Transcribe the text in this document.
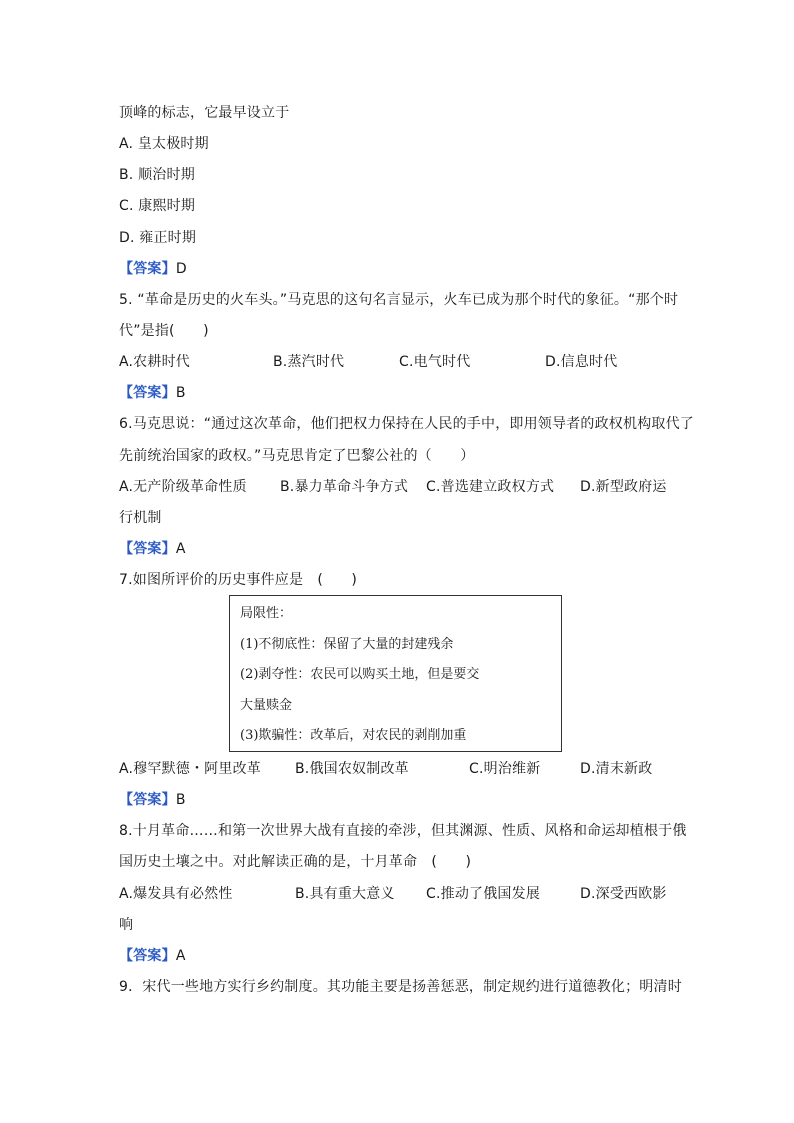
顶峰的标志，它最早设立于
A. 皇太极时期
B. 顺治时期
C. 康熙时期
D. 雍正时期
【答案】D
5. “革命是历史的火车头。”马克思的这句名言显示，火车已成为那个时代的象征。“那个时
代”是指(　　)
A.农耕时代	B.蒸汽时代	C.电气时代	D.信息时代
【答案】B
6.马克思说：“通过这次革命，他们把权力保持在人民的手中，即用领导者的政权机构取代了
先前统治国家的政权。”马克思肯定了巴黎公社的（　　）
A.无产阶级革命性质 B.暴力革命斗争方式 C.普选建立政权方式 D.新型政府运
行机制
【答案】A
7.如图所评价的历史事件应是　(　　)
局限性：
(1)不彻底性：保留了大量的封建残余
(2)剥夺性：农民可以购买土地，但是要交
大量赎金
(3)欺骗性：改革后，对农民的剥削加重
A.穆罕默德・阿里改革 B.俄国农奴制改革	C.明治维新	D.清末新政
【答案】B
8.十月革命……和第一次世界大战有直接的牵涉，但其渊源、性质、风格和命运却植根于俄
国历史土壤之中。对此解读正确的是，十月革命　(　　)
A.爆发具有必然性	B.具有重大意义 C.推动了俄国发展	D.深受西欧影
响
【答案】A
9．宋代一些地方实行乡约制度。其功能主要是扬善惩恶，制定规约进行道德教化；明清时
